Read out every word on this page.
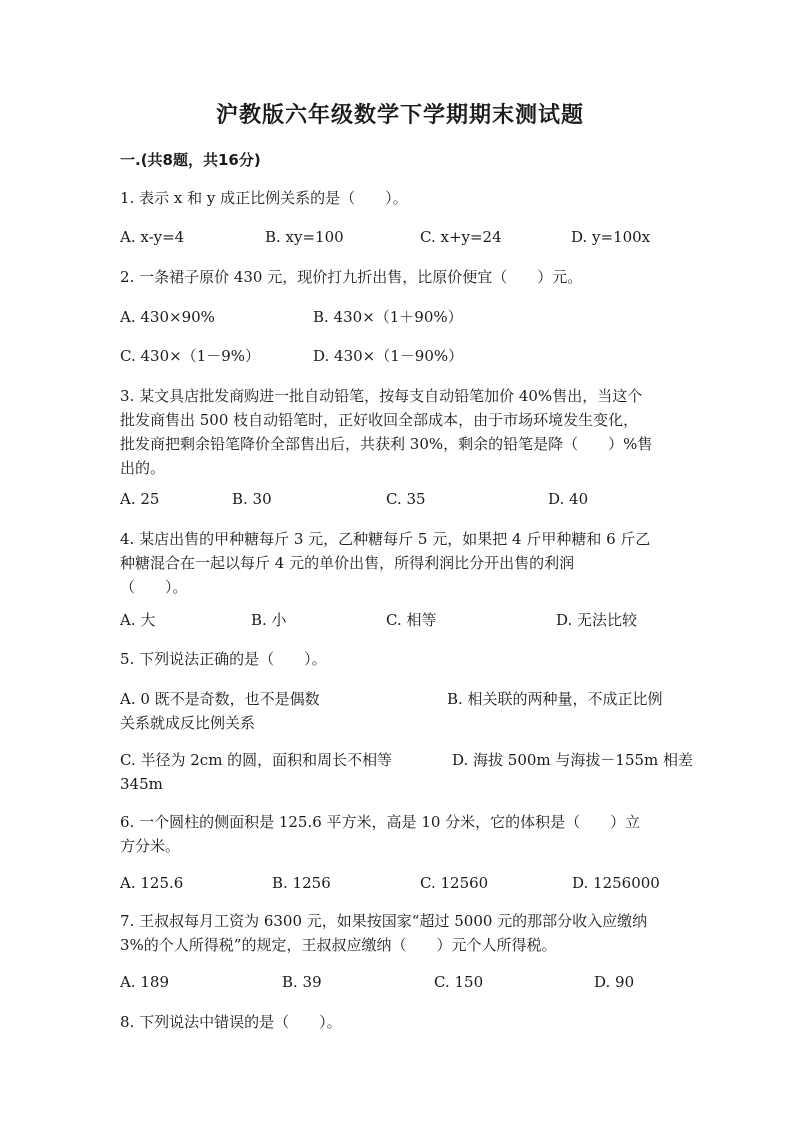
沪教版六年级数学下学期期末测试题
一.(共8题，共16分)
1. 表示 x 和 y 成正比例关系的是（　　）。
A. x-y=4	B. xy=100	C. x+y=24	D. y=100x
2. 一条裙子原价 430 元，现价打九折出售，比原价便宜（　　）元。
A. 430×90%	B. 430×（1＋90%）
C. 430×（1－9%）	D. 430×（1－90%）
3. 某文具店批发商购进一批自动铅笔，按每支自动铅笔加价 40%售出，当这个
批发商售出 500 枝自动铅笔时，正好收回全部成本，由于市场环境发生变化，
批发商把剩余铅笔降价全部售出后，共获利 30%，剩余的铅笔是降（　　）%售
出的。
A. 25	B. 30	C. 35	D. 40
4. 某店出售的甲种糖每斤 3 元，乙种糖每斤 5 元，如果把 4 斤甲种糖和 6 斤乙
种糖混合在一起以每斤 4 元的单价出售，所得利润比分开出售的利润
（　　）。
A. 大	B. 小	C. 相等	D. 无法比较
5. 下列说法正确的是（　　）。
A. 0 既不是奇数，也不是偶数	B. 相关联的两种量，不成正比例
关系就成反比例关系
C. 半径为 2cm 的圆，面积和周长不相等	D. 海拔 500m 与海拔－155m 相差
345m
6. 一个圆柱的侧面积是 125.6 平方米，高是 10 分米，它的体积是（　　）立
方分米。
A. 125.6	B. 1256	C. 12560	D. 1256000
7. 王叔叔每月工资为 6300 元，如果按国家“超过 5000 元的那部分收入应缴纳
3%的个人所得税”的规定，王叔叔应缴纳（　　）元个人所得税。
A. 189	B. 39	C. 150	D. 90
8. 下列说法中错误的是（　　）。
